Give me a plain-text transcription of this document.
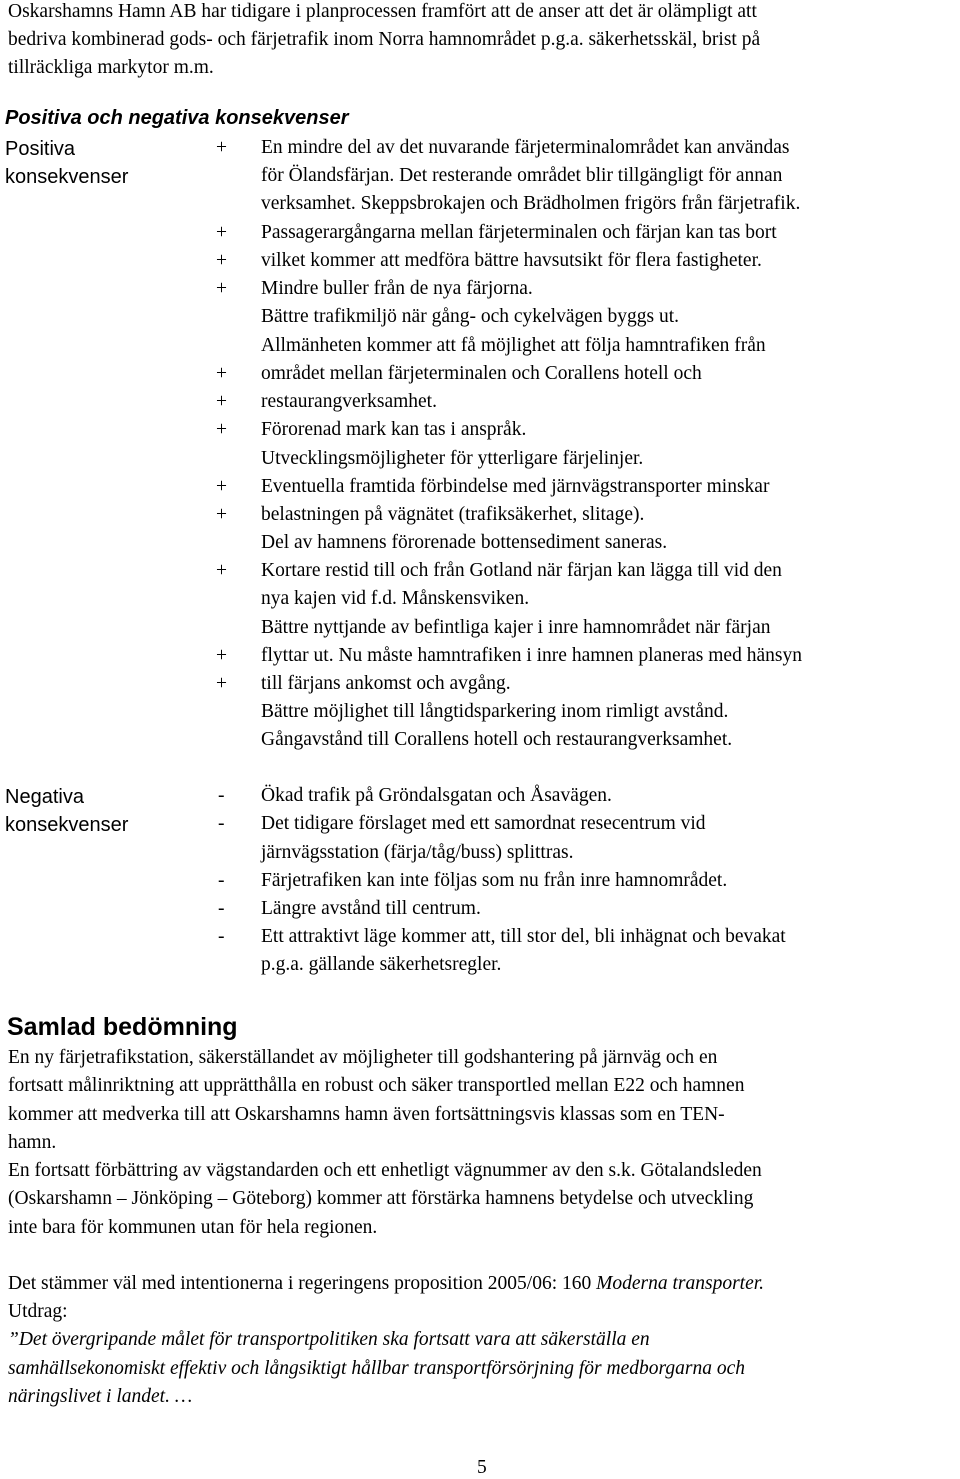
Oskarshamns Hamn AB har tidigare i planprocessen framfört att de anser att det är olämpligt att
bedriva kombinerad gods- och färjetrafik inom Norra hamnområdet p.g.a. säkerhetsskäl, brist på
tillräckliga markytor m.m.
Positiva och negativa konsekvenser
Positiva
konsekvenser
+
+
+
+
+
+
+
+
+
+
+
+
En mindre del av det nuvarande färjeterminalområdet kan användas
för Ölandsfärjan. Det resterande området blir tillgängligt för annan
verksamhet. Skeppsbrokajen och Brädholmen frigörs från färjetrafik.
Passagerargångarna mellan färjeterminalen och färjan kan tas bort
vilket kommer att medföra bättre havsutsikt för flera fastigheter.
Mindre buller från de nya färjorna.
Bättre trafikmiljö när gång- och cykelvägen byggs ut.
Allmänheten kommer att få möjlighet att följa hamntrafiken från
området mellan färjeterminalen och Corallens hotell och
restaurangverksamhet.
Förorenad mark kan tas i anspråk.
Utvecklingsmöjligheter för ytterligare färjelinjer.
Eventuella framtida förbindelse med järnvägstransporter minskar
belastningen på vägnätet (trafiksäkerhet, slitage).
Del av hamnens förorenade bottensediment saneras.
Kortare restid till och från Gotland när färjan kan lägga till vid den
nya kajen vid f.d. Månskensviken.
Bättre nyttjande av befintliga kajer i inre hamnområdet när färjan
flyttar ut. Nu måste hamntrafiken i inre hamnen planeras med hänsyn
till färjans ankomst och avgång.
Bättre möjlighet till långtidsparkering inom rimligt avstånd.
Gångavstånd till Corallens hotell och restaurangverksamhet.
Negativa
konsekvenser
-
-
-
-
-
Ökad trafik på Gröndalsgatan och Åsavägen.
Det tidigare förslaget med ett samordnat resecentrum vid
järnvägsstation (färja/tåg/buss) splittras.
Färjetrafiken kan inte följas som nu från inre hamnområdet.
Längre avstånd till centrum.
Ett attraktivt läge kommer att, till stor del, bli inhägnat och bevakat
p.g.a. gällande säkerhetsregler.
Samlad bedömning
En ny färjetrafikstation, säkerställandet av möjligheter till godshantering på järnväg och en
fortsatt målinriktning att upprätthålla en robust och säker transportled mellan E22 och hamnen
kommer att medverka till att Oskarshamns hamn även fortsättningsvis klassas som en TEN-
hamn.
En fortsatt förbättring av vägstandarden och ett enhetligt vägnummer av den s.k. Götalandsleden
(Oskarshamn – Jönköping – Göteborg) kommer att förstärka hamnens betydelse och utveckling
inte bara för kommunen utan för hela regionen.
Det stämmer väl med intentionerna i regeringens proposition 2005/06: 160 Moderna transporter.
Utdrag:
”Det övergripande målet för transportpolitiken ska fortsatt vara att säkerställa en
samhällsekonomiskt effektiv och långsiktigt hållbar transportförsörjning för medborgarna och
näringslivet i landet. …
5
